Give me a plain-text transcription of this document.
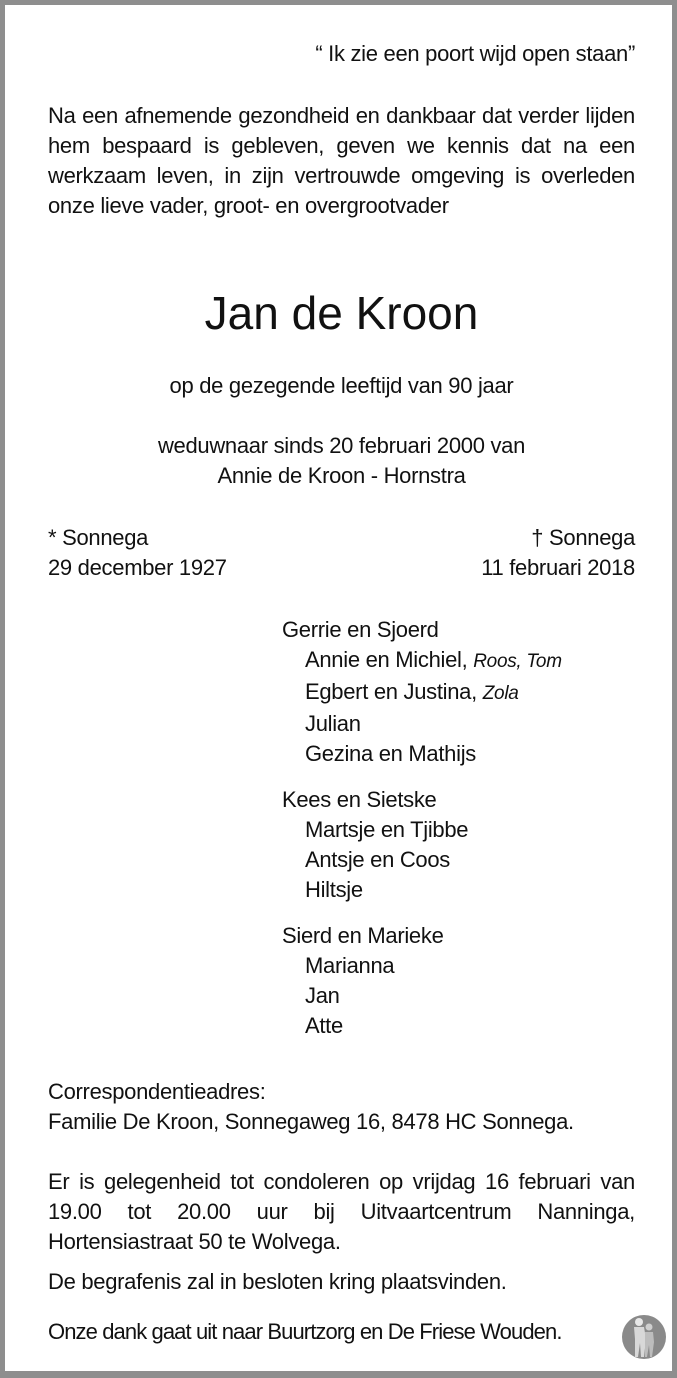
“ Ik zie een poort wijd open staan”
Na een afnemende gezondheid en dankbaar dat verder lijden hem bespaard is gebleven, geven we kennis dat na een werkzaam leven, in zijn vertrouwde omgeving is overleden onze lieve vader, groot- en overgrootvader
Jan de Kroon
op de gezegende leeftijd van 90 jaar
weduwnaar sinds 20 februari 2000 van
Annie de Kroon - Hornstra
* Sonnega
29 december 1927
† Sonnega
11 februari 2018
Gerrie en Sjoerd
Annie en Michiel, Roos, Tom
Egbert en Justina, Zola
Julian
Gezina en Mathijs
Kees en Sietske
Martsje en Tjibbe
Antsje en Coos
Hiltsje
Sierd en Marieke
Marianna
Jan
Atte
Correspondentieadres:
Familie De Kroon, Sonnegaweg 16, 8478 HC Sonnega.
Er is gelegenheid tot condoleren op vrijdag 16 februari van 19.00 tot 20.00 uur bij Uitvaartcentrum Nanninga, Hortensiastraat 50 te Wolvega.
De begrafenis zal in besloten kring plaatsvinden.
Onze dank gaat uit naar Buurtzorg en De Friese Wouden.
